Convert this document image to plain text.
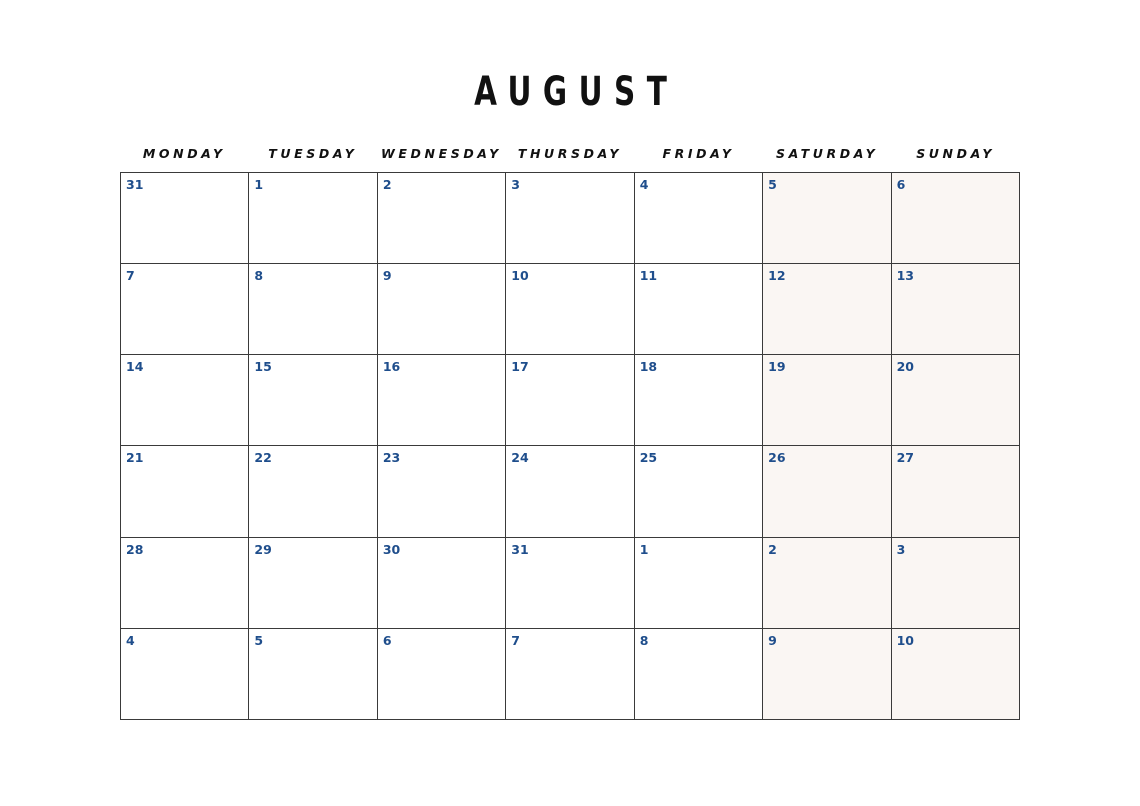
AUGUST
MONDAY	TUESDAY	WEDNESDAY	THURSDAY	FRIDAY	SATURDAY	SUNDAY
31	1	2	3	4	5	6
7	8	9	10	11	12	13
14	15	16	17	18	19	20
21	22	23	24	25	26	27
28	29	30	31	1	2	3
4	5	6	7	8	9	10
